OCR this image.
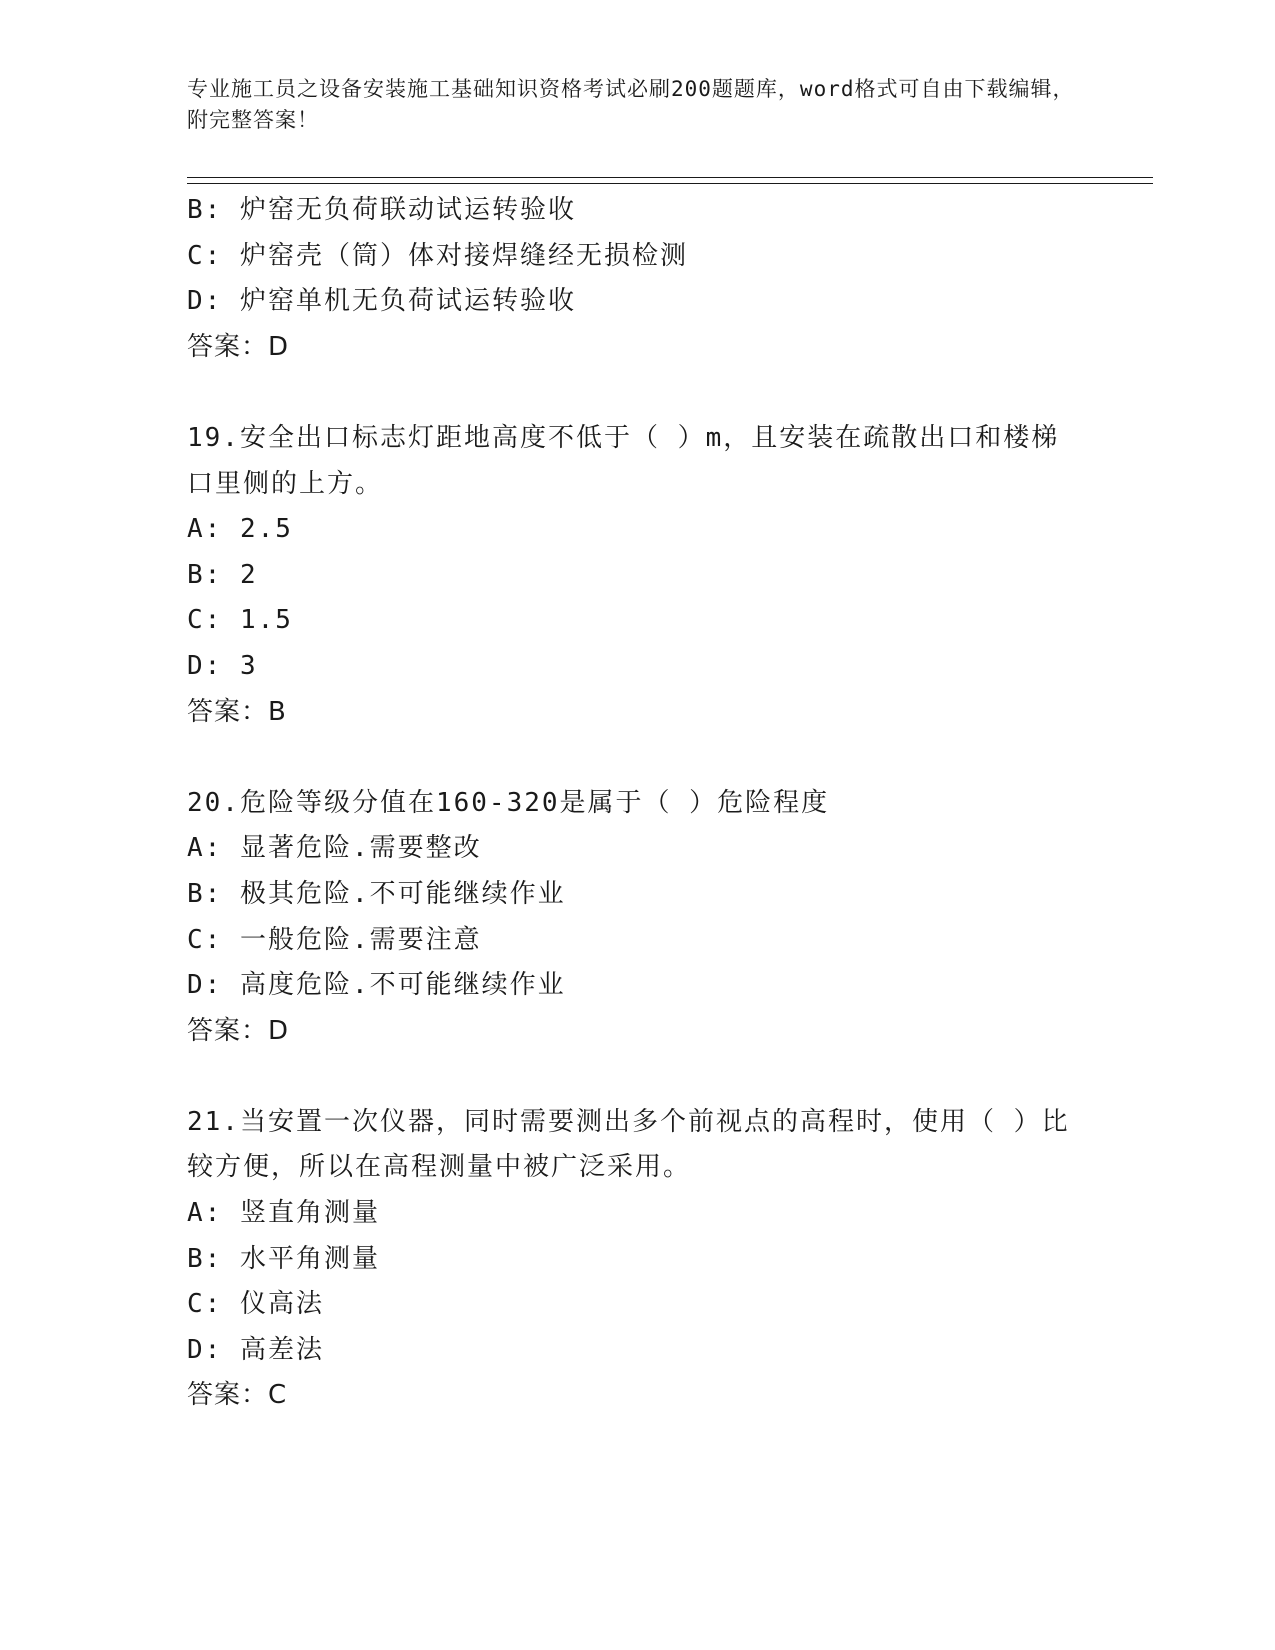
专业施工员之设备安装施工基础知识资格考试必刷200题题库，word格式可自由下载编辑，附完整答案！
B: 炉窑无负荷联动试运转验收
C: 炉窑壳（筒）体对接焊缝经无损检测
D: 炉窑单机无负荷试运转验收
答案：D
19.安全出口标志灯距地高度不低于（ ）m，且安装在疏散出口和楼梯口里侧的上方。
A: 2.5
B: 2
C: 1.5
D: 3
答案：B
20.危险等级分值在160-320是属于（ ）危险程度
A: 显著危险.需要整改
B: 极其危险.不可能继续作业
C: 一般危险.需要注意
D: 高度危险.不可能继续作业
答案：D
21.当安置一次仪器，同时需要测出多个前视点的高程时，使用（ ）比较方便，所以在高程测量中被广泛采用。
A: 竖直角测量
B: 水平角测量
C: 仪高法
D: 高差法
答案：C
